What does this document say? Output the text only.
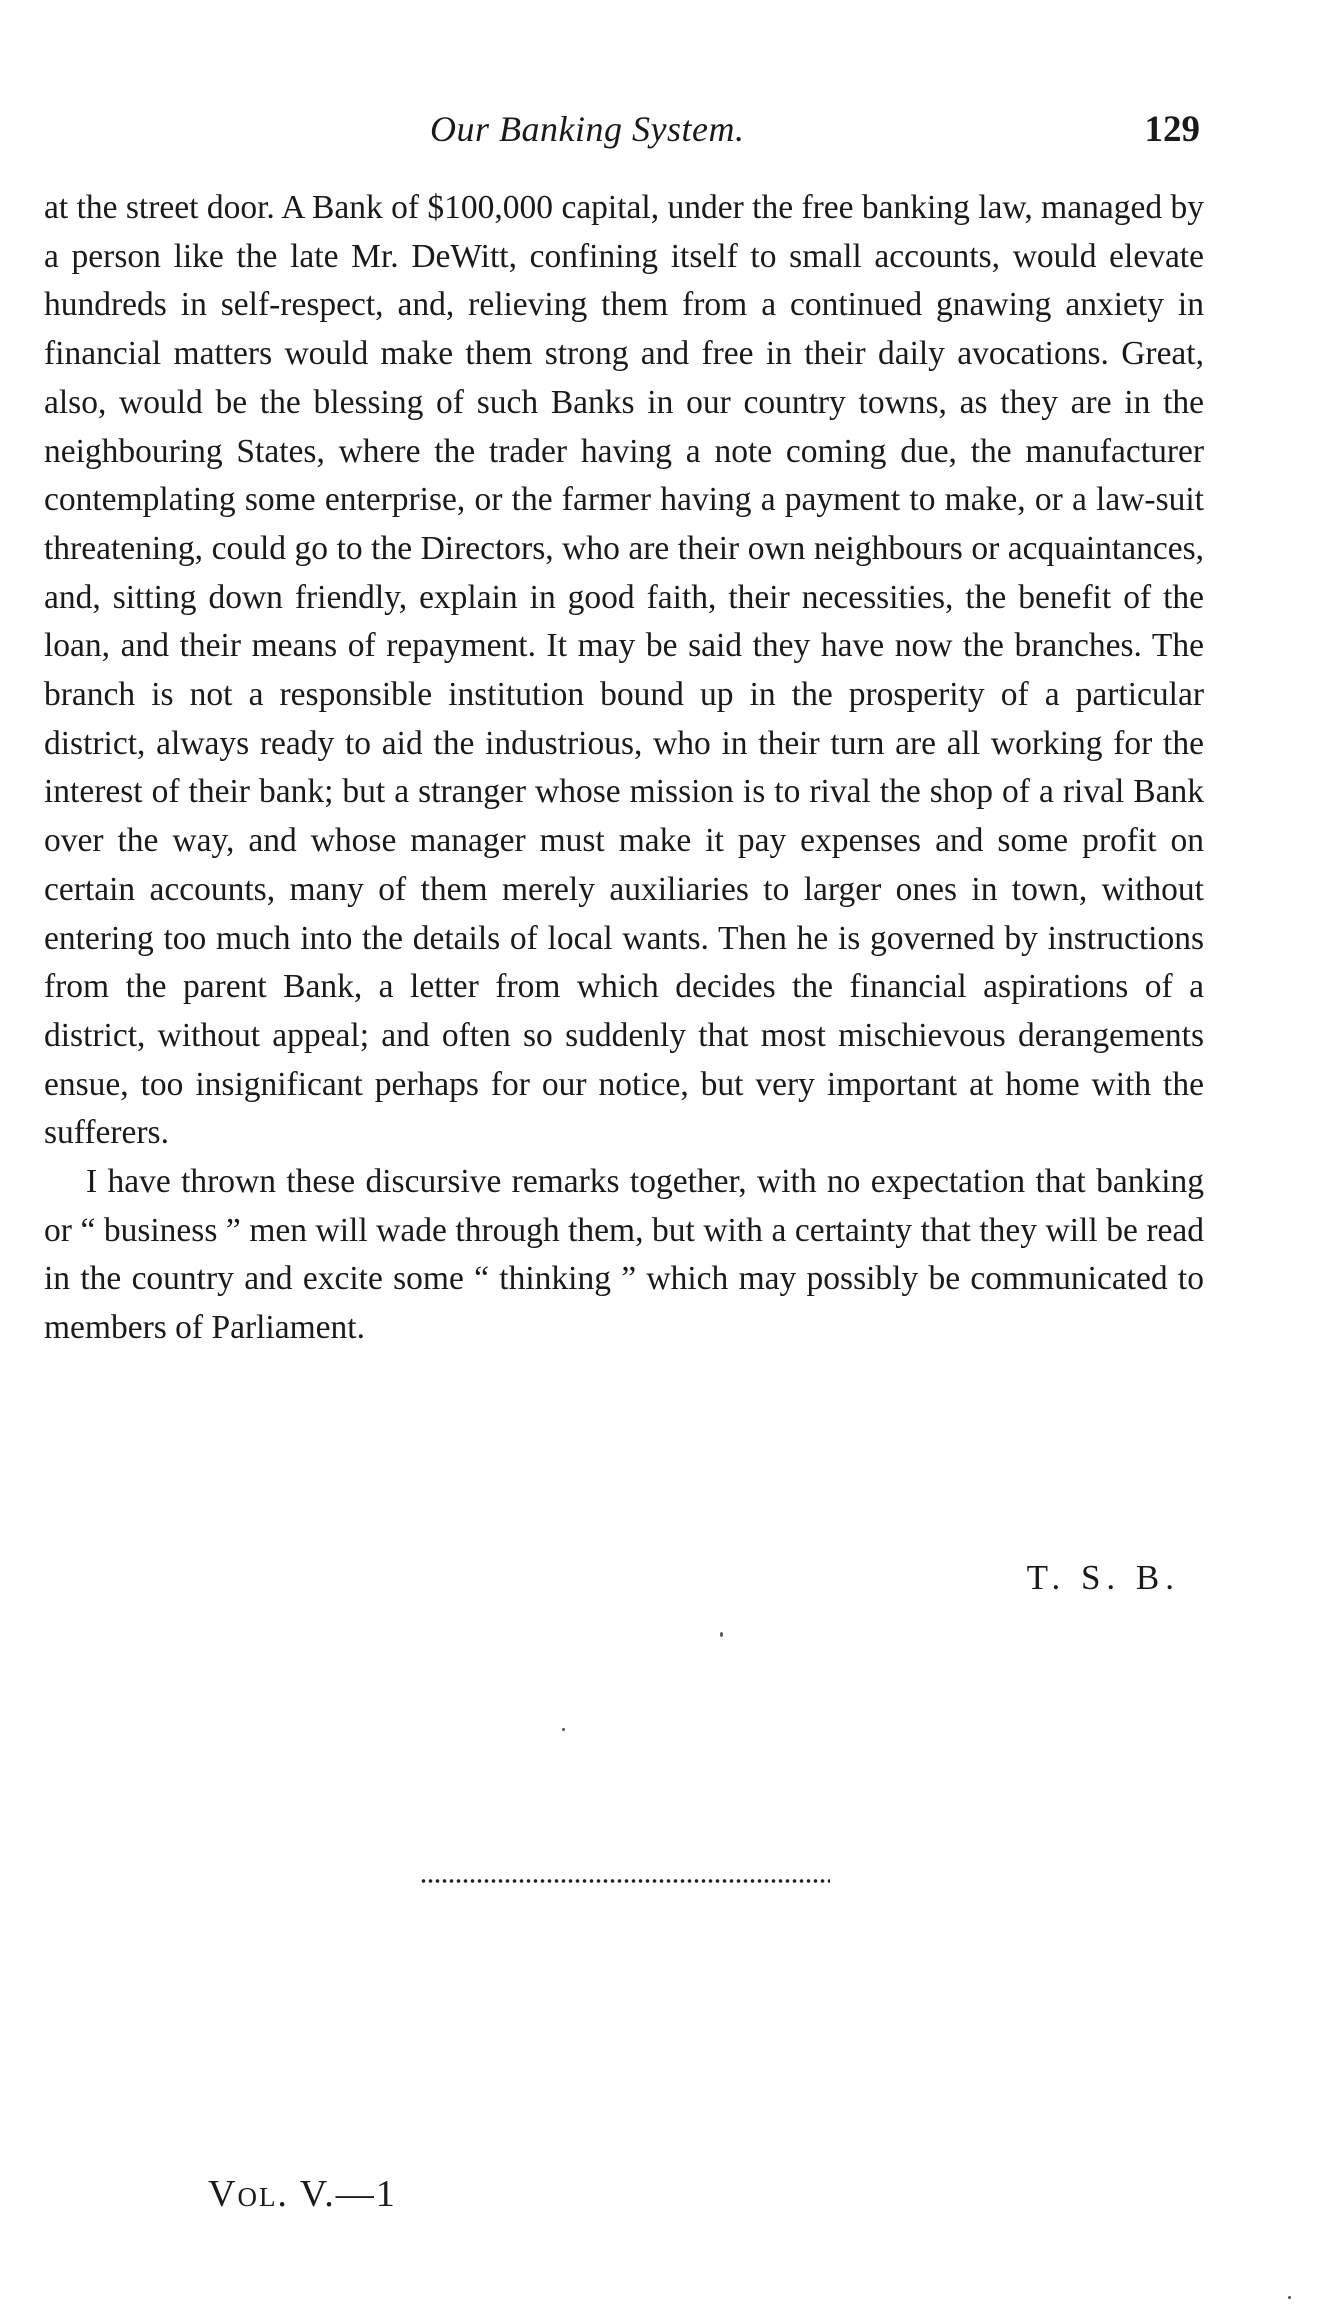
Our Banking System.	129

at the street door. A Bank of $100,000 capital, under the free banking law, managed by a person like the late Mr. DeWitt, confining itself to small accounts, would elevate hundreds in self-respect, and, relieving them from a continued gnawing anxiety in financial matters would make them strong and free in their daily avocations. Great, also, would be the blessing of such Banks in our country towns, as they are in the neighbouring States, where the trader having a note coming due, the manufacturer contemplating some enterprise, or the farmer having a payment to make, or a law-suit threatening, could go to the Directors, who are their own neighbours or acquaintances, and, sitting down friendly, explain in good faith, their necessities, the benefit of the loan, and their means of repayment. It may be said they have now the branches. The branch is not a responsible institution bound up in the prosperity of a particular district, always ready to aid the industrious, who in their turn are all working for the interest of their bank; but a stranger whose mission is to rival the shop of a rival Bank over the way, and whose manager must make it pay expenses and some profit on certain accounts, many of them merely auxiliaries to larger ones in town, without entering too much into the details of local wants. Then he is governed by instructions from the parent Bank, a letter from which decides the financial aspirations of a district, without appeal; and often so suddenly that most mischievous derangements ensue, too insignificant perhaps for our notice, but very important at home with the sufferers.

I have thrown these discursive remarks together, with no expectation that banking or “ business ” men will wade through them, but with a certainty that they will be read in the country and excite some “ thinking ” which may possibly be communicated to members of Parliament.

T. S. B.
Vol. V.—1
